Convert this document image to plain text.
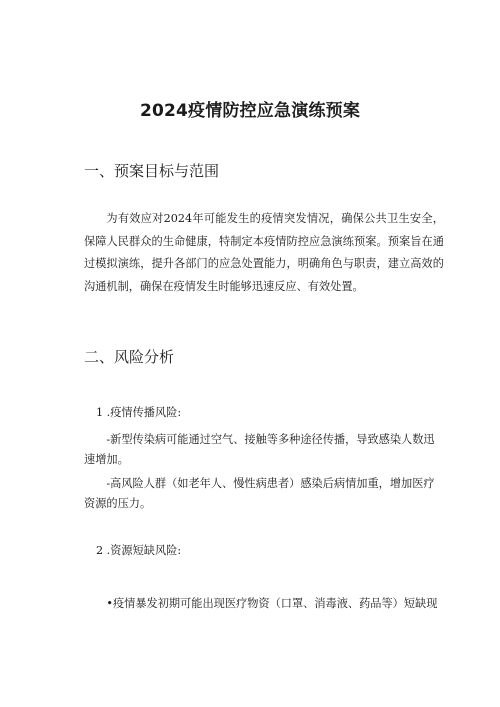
2024疫情防控应急演练预案
一、预案目标与范围
为有效应对2024年可能发生的疫情突发情况，确保公共卫生安全，保障人民群众的生命健康，特制定本疫情防控应急演练预案。预案旨在通过模拟演练，提升各部门的应急处置能力，明确角色与职责，建立高效的沟通机制，确保在疫情发生时能够迅速反应、有效处置。
二、风险分析
1 .疫情传播风险:
-新型传染病可能通过空气、接触等多种途径传播，导致感染人数迅速增加。
-高风险人群（如老年人、慢性病患者）感染后病情加重，增加医疗资源的压力。
2 .资源短缺风险:
•疫情暴发初期可能出现医疗物资（口罩、消毒液、药品等）短缺现
